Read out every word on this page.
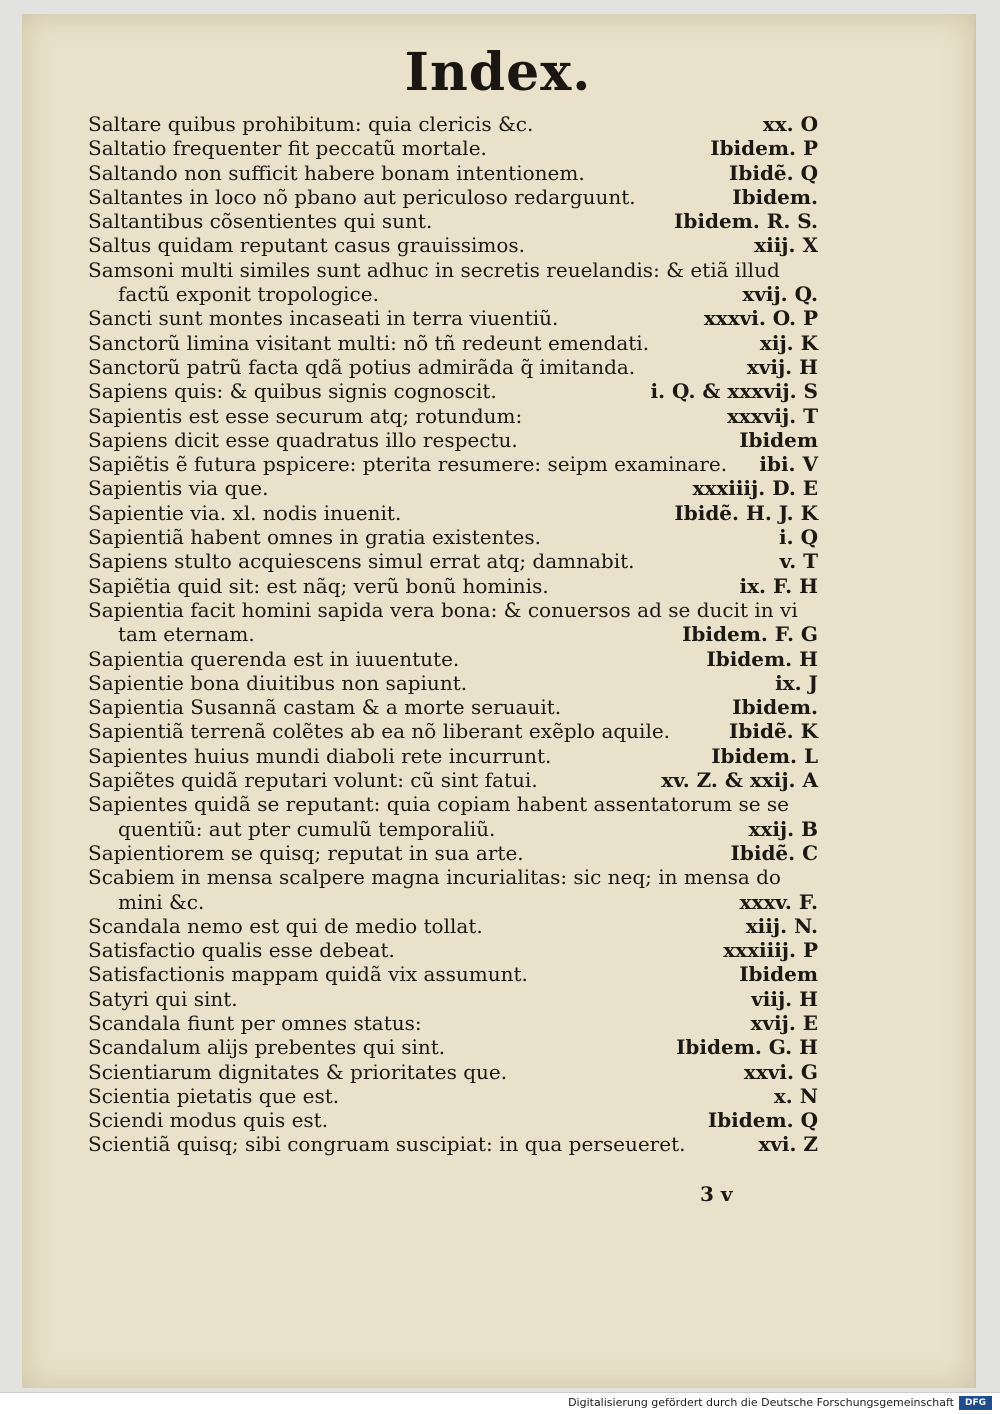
Index.
Saltare quibus prohibitum: quia clericis &c.	xx. O
Saltatio frequenter fit peccatũ mortale.	Ibidem. P
Saltando non sufficit habere bonam intentionem.	Ibidẽ. Q
Saltantes in loco nõ pbano aut periculoso redarguunt.	Ibidem.
Saltantibus cõsentientes qui sunt.	Ibidem. R. S.
Saltus quidam reputant casus grauissimos.	xiij. X
Samsoni multi similes sunt adhuc in secretis reuelandis: & etiã illud
factũ exponit tropologice.	xvij. Q.
Sancti sunt montes incaseati in terra viuentiũ.	xxxvi. O. P
Sanctorũ limina visitant multi: nõ tñ redeunt emendati.	xij. K
Sanctorũ patrũ facta qdã potius admirãda q̃ imitanda.	xvij. H
Sapiens quis: & quibus signis cognoscit.	i. Q. & xxxvij. S
Sapientis est esse securum atq; rotundum:	xxxvij. T
Sapiens dicit esse quadratus illo respectu.	Ibidem
Sapiẽtis ẽ futura pspicere: pterita resumere: seipm examinare. ibi. V
Sapientis via que.	xxxiiij. D. E
Sapientie via. xl. nodis inuenit.	Ibidẽ. H. J. K
Sapientiã habent omnes in gratia existentes.	i. Q
Sapiens stulto acquiescens simul errat atq; damnabit.	v. T
Sapiẽtia quid sit: est nãq; verũ bonũ hominis.	ix. F. H
Sapientia facit homini sapida vera bona: & conuersos ad se ducit in vi
tam eternam.	Ibidem. F. G
Sapientia querenda est in iuuentute.	Ibidem. H
Sapientie bona diuitibus non sapiunt.	ix. J
Sapientia Susannã castam & a morte seruauit.	Ibidem.
Sapientiã terrenã colẽtes ab ea nõ liberant exẽplo aquile.	Ibidẽ. K
Sapientes huius mundi diaboli rete incurrunt.	Ibidem. L
Sapiẽtes quidã reputari volunt: cũ sint fatui.	xv. Z. & xxij. A
Sapientes quidã se reputant: quia copiam habent assentatorum se se
quentiũ: aut pter cumulũ temporaliũ.	xxij. B
Sapientiorem se quisq; reputat in sua arte.	Ibidẽ. C
Scabiem in mensa scalpere magna incurialitas: sic neq; in mensa do
mini &c.	xxxv. F.
Scandala nemo est qui de medio tollat.	xiij. N.
Satisfactio qualis esse debeat.	xxxiiij. P
Satisfactionis mappam quidã vix assumunt.	Ibidem
Satyri qui sint.	viij. H
Scandala fiunt per omnes status:	xvij. E
Scandalum alijs prebentes qui sint.	Ibidem. G. H
Scientiarum dignitates & prioritates que.	xxvi. G
Scientia pietatis que est.	x. N
Sciendi modus quis est.	Ibidem. Q
Scientiã quisq; sibi congruam suscipiat: in qua perseueret.	xvi. Z
3 v
Digitalisierung gefördert durch die Deutsche Forschungsgemeinschaft	DFG
